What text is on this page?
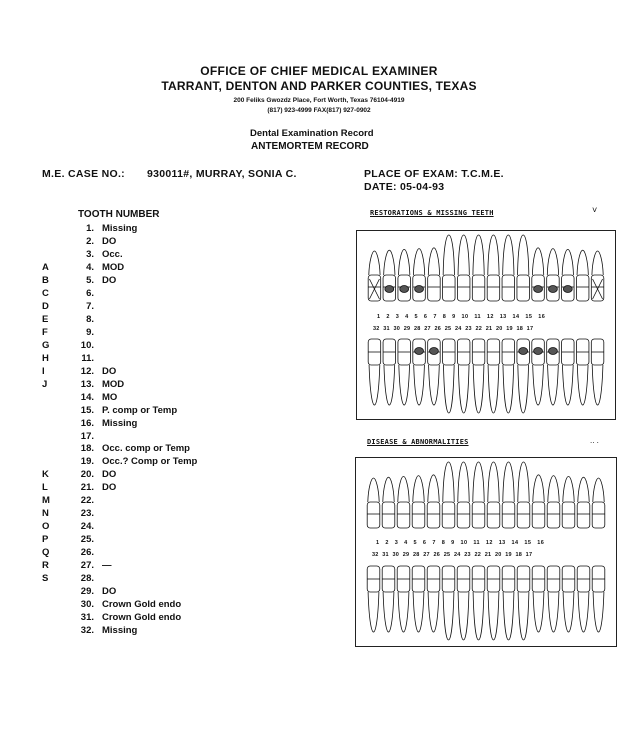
OFFICE OF CHIEF MEDICAL EXAMINER
TARRANT, DENTON AND PARKER COUNTIES, TEXAS
200 Feliks Gwozdz Place, Fort Worth, Texas 76104-4919
(817) 923-4999 FAX(817) 927-0902
Dental Examination Record
ANTEMORTEM RECORD
M.E. CASE NO.: 930011#, MURRAY, SONIA C.	PLACE OF EXAM: T.C.M.E.
DATE: 05-04-93
TOOTH NUMBER
1. Missing
2. DO
3. Occ.
A	4. MOD
B	5. DO
C	6.
D	7.
E	8.
F	9.
G	10.
H	11.
I	12. DO
J	13. MOD
14. MO
15. P. comp or Temp
16. Missing
17.
18. Occ. comp or Temp
19. Occ.? Comp or Temp
K	20. DO
L	21. DO
M	22.
N	23.
O	24.
P	25.
Q	26.
R	27. —
S	28.
29. DO
30. Crown Gold endo
31. Crown Gold endo
32. Missing
RESTORATIONS & MISSING TEETH	˅
1 2 3 4 5 6 7 8 9 10 11 12 13 14 15 16
32 31 30 29 28 27 26 25 24 23 22 21 20 19 18 17
DISEASE & ABNORMALITIES	.. .
1 2 3 4 5 6 7 8 9 10 11 12 13 14 15 16
32 31 30 29 28 27 26 25 24 23 22 21 20 19 18 17
